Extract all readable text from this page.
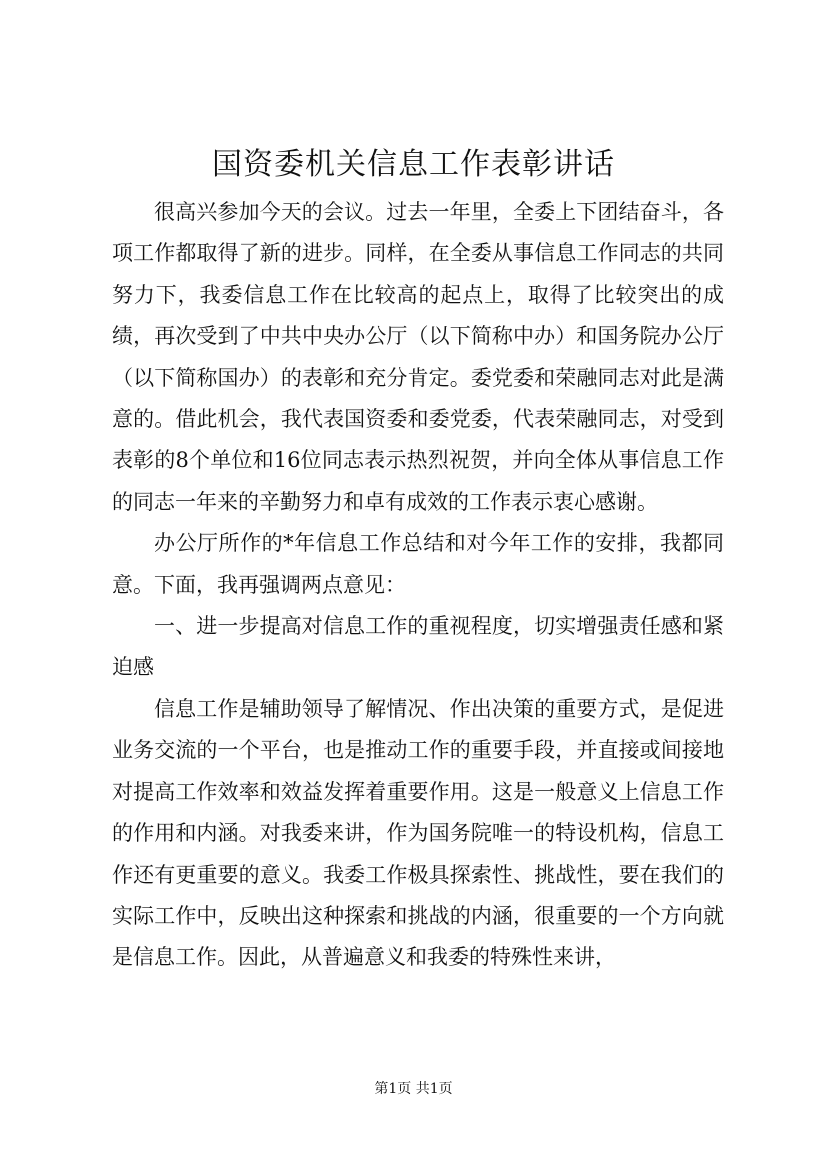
国资委机关信息工作表彰讲话

很高兴参加今天的会议。过去一年里，全委上下团结奋斗，各项工作都取得了新的进步。同样，在全委从事信息工作同志的共同努力下，我委信息工作在比较高的起点上，取得了比较突出的成绩，再次受到了中共中央办公厅（以下简称中办）和国务院办公厅（以下简称国办）的表彰和充分肯定。委党委和荣融同志对此是满意的。借此机会，我代表国资委和委党委，代表荣融同志，对受到表彰的8个单位和16位同志表示热烈祝贺，并向全体从事信息工作的同志一年来的辛勤努力和卓有成效的工作表示衷心感谢。

办公厅所作的*年信息工作总结和对今年工作的安排，我都同意。下面，我再强调两点意见：

一、进一步提高对信息工作的重视程度，切实增强责任感和紧迫感

信息工作是辅助领导了解情况、作出决策的重要方式，是促进业务交流的一个平台，也是推动工作的重要手段，并直接或间接地对提高工作效率和效益发挥着重要作用。这是一般意义上信息工作的作用和内涵。对我委来讲，作为国务院唯一的特设机构，信息工作还有更重要的意义。我委工作极具探索性、挑战性，要在我们的实际工作中，反映出这种探索和挑战的内涵，很重要的一个方向就是信息工作。因此，从普遍意义和我委的特殊性来讲，

第1页 共1页
